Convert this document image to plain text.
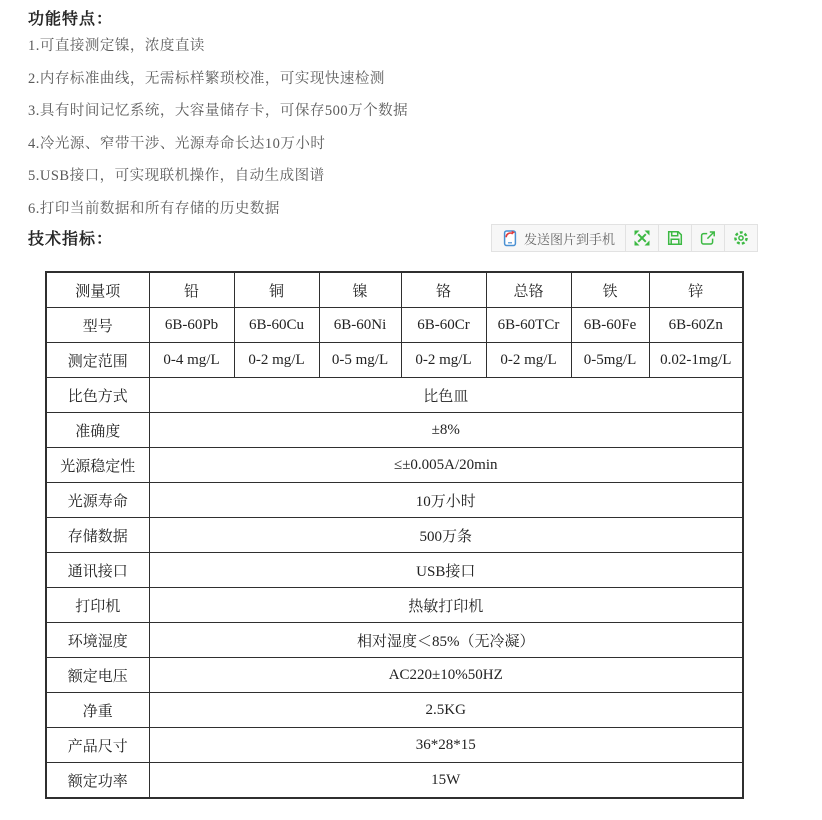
功能特点：
1.可直接测定镍，浓度直读
2.内存标准曲线，无需标样繁琐校准，可实现快速检测
3.具有时间记忆系统，大容量储存卡，可保存500万个数据
4.冷光源、窄带干涉、光源寿命长达10万小时
5.USB接口，可实现联机操作，自动生成图谱
6.打印当前数据和所有存储的历史数据
技术指标：
测量项	铅	铜	镍	铬	总铬	铁	锌
型号	6B-60Pb	6B-60Cu	6B-60Ni	6B-60Cr	6B-60TCr	6B-60Fe	6B-60Zn
测定范围	0-4 mg/L	0-2 mg/L	0-5 mg/L	0-2 mg/L	0-2 mg/L	0-5mg/L	0.02-1mg/L
比色方式	比色皿						
准确度	±8%						
光源稳定性	≤±0.005A/20min						
光源寿命	10万小时						
存储数据	500万条						
通讯接口	USB接口						
打印机	热敏打印机						
环境湿度	相对湿度＜85%（无冷凝）						
额定电压	AC220±10%50HZ						
净重	2.5KG						
产品尺寸	36*28*15						
额定功率	15W						
发送图片到手机
